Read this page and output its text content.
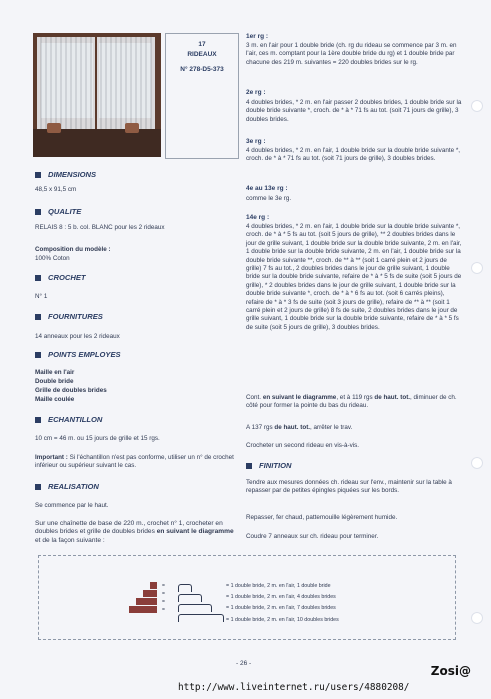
17
RIDEAUX
N° 278-D5-373
DIMENSIONS
48,5 x 91,5 cm
QUALITE
RELAIS 8 : 5 b. col. BLANC pour les 2 rideaux
Composition du modèle :
100% Coton
CROCHET
N° 1
FOURNITURES
14 anneaux pour les 2 rideaux
POINTS EMPLOYES
Maille en l'air
Double bride
Grille de doubles brides
Maille coulée
ECHANTILLON
10 cm = 46 m. ou 15 jours de grille et 15 rgs.
Important : Si l'échantillon n'est pas conforme, utiliser un n° de crochet inférieur ou supérieur suivant le cas.
REALISATION
Se commence par le haut.
Sur une chaînette de base de 220 m., crochet n° 1, crocheter en doubles brides et grille de doubles brides en suivant le diagramme et de la façon suivante :
1er rg :
3 m. en l'air pour 1 double bride (ch. rg du rideau se commence par 3 m. en l'air, ces m. comptant pour la 1ère double bride du rg) et 1 double bride par chacune des 219 m. suivantes = 220 doubles brides sur le rg.
2e rg :
4 doubles brides, * 2 m. en l'air passer 2 doubles brides, 1 double bride sur la double bride suivante *, croch. de * à * 71 fs au tot. (soit 71 jours de grille), 3 doubles brides.
3e rg :
4 doubles brides, * 2 m. en l'air, 1 double bride sur la double bride suivante *, croch. de * à * 71 fs au tot. (soit 71 jours de grille), 3 doubles brides.
4e au 13e rg :
comme le 3e rg.
14e rg :
4 doubles brides, * 2 m. en l'air, 1 double bride sur la double bride suivante *, croch. de * à * 5 fs au tot. (soit 5 jours de grille), ** 2 doubles brides dans le jour de grille suivant, 1 double bride sur la double bride suivante, 2 m. en l'air, 1 double bride sur la double bride suivante, 2 m. en l'air, 1 double bride sur la double bride suivante **, croch. de ** à ** (soit 1 carré plein et 2 jours de grille) 7 fs au tot., 2 doubles brides dans le jour de grille suivant, 1 double bride sur la double bride suivante, refaire de * à * 5 fs de suite (soit 5 jours de grille), * 2 doubles brides dans le jour de grille suivant, 1 double bride sur la double bride suivante *, croch. de * à * 6 fs au tot. (soit 6 carrés pleins), refaire de * à * 3 fs de suite (soit 3 jours de grille), refaire de ** à ** (soit 1 carré plein et 2 jours de grille) 8 fs de suite, 2 doubles brides dans le jour de grille suivant, 1 double bride sur la double bride suivante, refaire de * à * 5 fs de suite (soit 5 jours de grille), 3 doubles brides.
Cont. en suivant le diagramme, et à 119 rgs de haut. tot., diminuer de ch. côté pour former la pointe du bas du rideau.
A 137 rgs de haut. tot., arrêter le trav.
Crocheter un second rideau en vis-à-vis.
FINITION
Tendre aux mesures données ch. rideau sur l'env., maintenir sur la table à repasser par de petites épingles piquées sur les bords.
Repasser, fer chaud, pattemouille légèrement humide.
Coudre 7 anneaux sur ch. rideau pour terminer.
=
=
=
=
= 1 double bride, 2 m. en l'air, 1 double bride
= 1 double bride, 2 m. en l'air, 4 doubles brides
= 1 double bride, 2 m. en l'air, 7 doubles brides
= 1 double bride, 2 m. en l'air, 10 doubles brides
- 26 -
Zosi@
http://www.liveinternet.ru/users/4880208/
